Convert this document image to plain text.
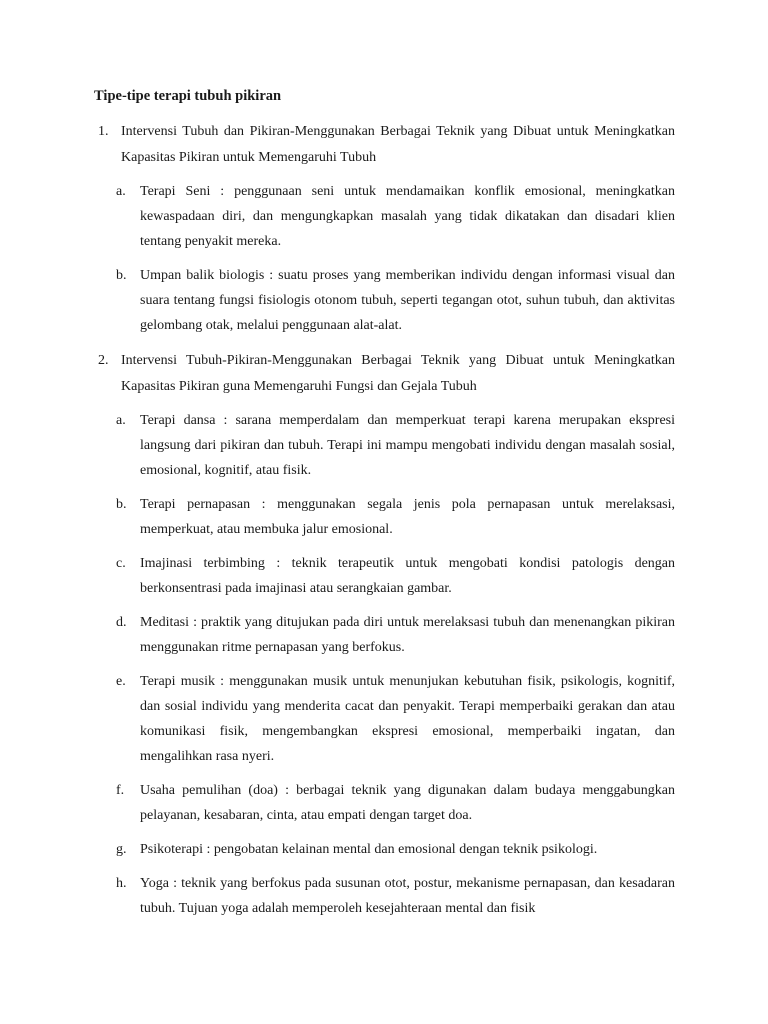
Tipe-tipe terapi tubuh pikiran
1. Intervensi Tubuh dan Pikiran-Menggunakan Berbagai Teknik yang Dibuat untuk Meningkatkan Kapasitas Pikiran untuk Memengaruhi Tubuh
a. Terapi Seni : penggunaan seni untuk mendamaikan konflik emosional, meningkatkan kewaspadaan diri, dan mengungkapkan masalah yang tidak dikatakan dan disadari klien tentang penyakit mereka.
b. Umpan balik biologis : suatu proses yang memberikan individu dengan informasi visual dan suara tentang fungsi fisiologis otonom tubuh, seperti tegangan otot, suhun tubuh, dan aktivitas gelombang otak, melalui penggunaan alat-alat.
2. Intervensi Tubuh-Pikiran-Menggunakan Berbagai Teknik yang Dibuat untuk Meningkatkan Kapasitas Pikiran guna Memengaruhi Fungsi dan Gejala Tubuh
a. Terapi dansa : sarana memperdalam dan memperkuat terapi karena merupakan ekspresi langsung dari pikiran dan tubuh. Terapi ini mampu mengobati individu dengan masalah sosial, emosional, kognitif, atau fisik.
b. Terapi pernapasan : menggunakan segala jenis pola pernapasan untuk merelaksasi, memperkuat, atau membuka jalur emosional.
c. Imajinasi terbimbing : teknik terapeutik untuk mengobati kondisi patologis dengan berkonsentrasi pada imajinasi atau serangkaian gambar.
d. Meditasi : praktik yang ditujukan pada diri untuk merelaksasi tubuh dan menenangkan pikiran menggunakan ritme pernapasan yang berfokus.
e. Terapi musik : menggunakan musik untuk menunjukan kebutuhan fisik, psikologis, kognitif, dan sosial individu yang menderita cacat dan penyakit. Terapi memperbaiki gerakan dan atau komunikasi fisik, mengembangkan ekspresi emosional, memperbaiki ingatan, dan mengalihkan rasa nyeri.
f. Usaha pemulihan (doa) : berbagai teknik yang digunakan dalam budaya menggabungkan pelayanan, kesabaran, cinta, atau empati dengan target doa.
g. Psikoterapi : pengobatan kelainan mental dan emosional dengan teknik psikologi.
h. Yoga : teknik yang berfokus pada susunan otot, postur, mekanisme pernapasan, dan kesadaran tubuh. Tujuan yoga adalah memperoleh kesejahteraan mental dan fisik
